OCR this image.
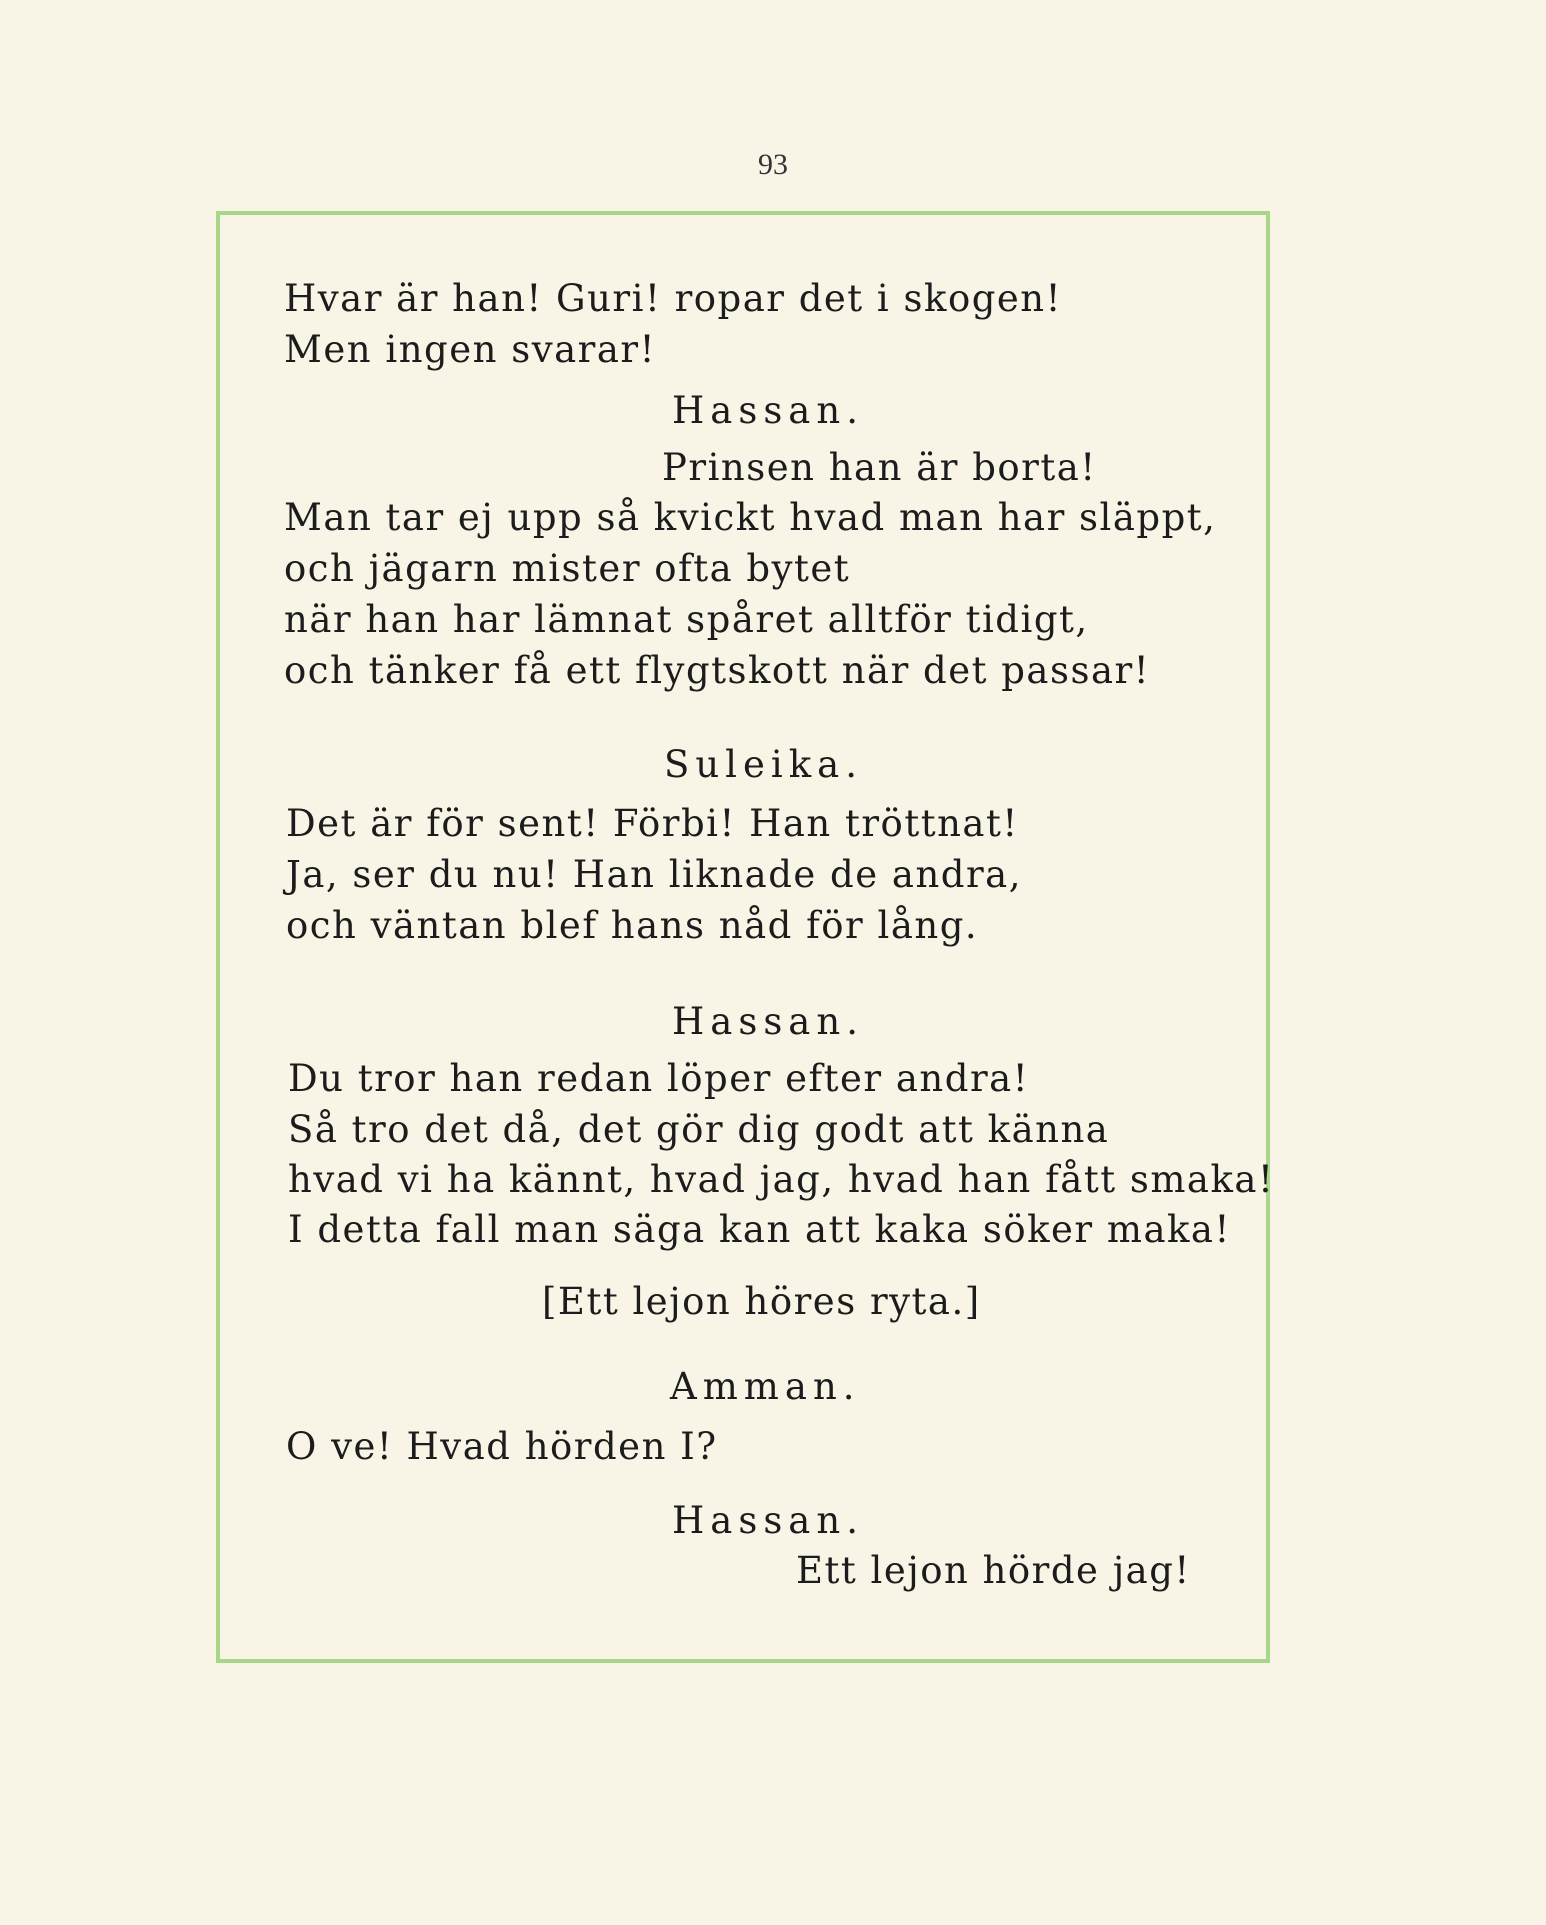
93
Hvar är han! Guri! ropar det i skogen!
Men ingen svarar!
Hassan.
Prinsen han är borta!
Man tar ej upp så kvickt hvad man har släppt,
och jägarn mister ofta bytet
när han har lämnat spåret alltför tidigt,
och tänker få ett flygtskott när det passar!
Suleika.
Det är för sent! Förbi! Han tröttnat!
Ja, ser du nu! Han liknade de andra,
och väntan blef hans nåd för lång.
Hassan.
Du tror han redan löper efter andra!
Så tro det då, det gör dig godt att känna
hvad vi ha kännt, hvad jag, hvad han fått smaka!
I detta fall man säga kan att kaka söker maka!
[Ett lejon höres ryta.]
Amman.
O ve! Hvad hörden I?
Hassan.
Ett lejon hörde jag!
